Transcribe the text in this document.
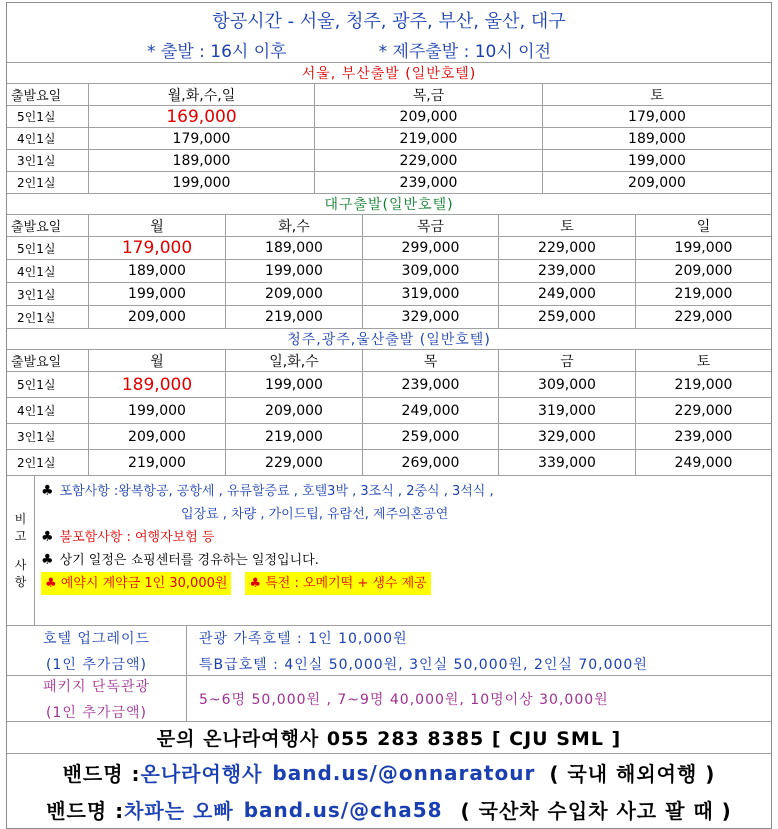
항공시간 - 서울, 청주, 광주, 부산, 울산, 대구
* 출발 : 16시 이후	* 제주출발 : 10시 이전
서울, 부산출발 (일반호텔)
출발요일	월,화,수,일	목,금	토
5인1실	169,000	209,000	179,000
4인1실	179,000	219,000	189,000
3인1실	189,000	229,000	199,000
2인1실	199,000	239,000	209,000
대구출발(일반호텔)
출발요일	월	화,수	목금	토	일
5인1실	179,000	189,000	299,000	229,000	199,000
4인1실	189,000	199,000	309,000	239,000	209,000
3인1실	199,000	209,000	319,000	249,000	219,000
2인1실	209,000	219,000	329,000	259,000	229,000
청주,광주,울산출발 (일반호텔)
출발요일	월	일,화,수	목	금	토
5인1실	189,000	199,000	239,000	309,000	219,000
4인1실	199,000	209,000	249,000	319,000	229,000
3인1실	209,000	219,000	259,000	329,000	239,000
2인1실	219,000	229,000	269,000	339,000	249,000
비
고
사
항
♣ 포함사항 :왕복항공, 공항세 , 유류할증료 , 호텔3박 , 3조식 , 2중식 , 3석식 ,
입장료 , 차량 , 가이드팁, 유람선, 제주의혼공연
♣ 불포함사항 : 여행자보험 등
♣ 상기 일정은 쇼핑센터를 경유하는 일정입니다.
♣ 예약시 계약금 1인 30,000원	♣ 특전 : 오메기떡 + 생수 제공
호텔 업그레이드
(1인 추가금액)
관광 가족호텔 : 1인 10,000원
특B급호텔 : 4인실 50,000원, 3인실 50,000원, 2인실 70,000원
패키지 단독관광
(1인 추가금액)
5~6명 50,000원 , 7~9명 40,000원, 10명이상 30,000원
문의 온나라여행사 055 283 8385 [ CJU SML ]
밴드명 : 온나라여행사 band.us/@onnaratour ( 국내 해외여행 )
밴드명 : 차파는 오빠 band.us/@cha58 ( 국산차 수입차 사고 팔 때 )
